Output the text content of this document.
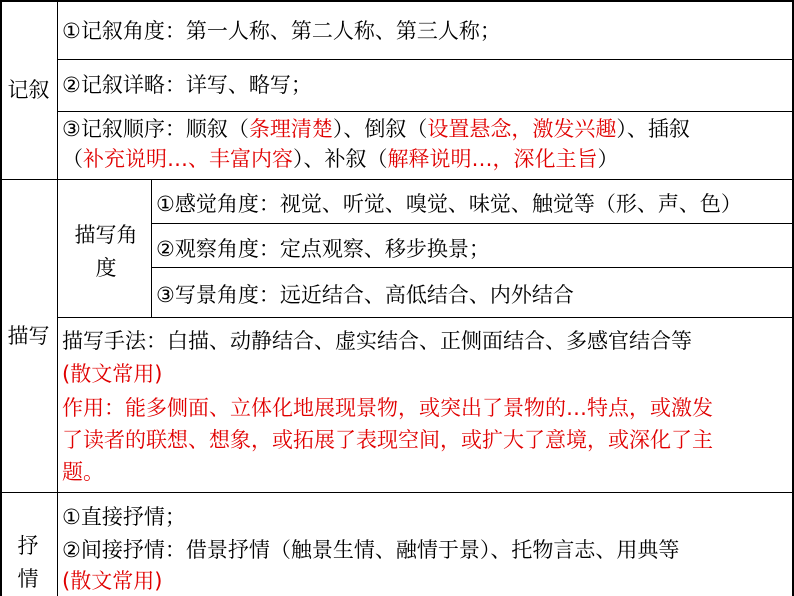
记叙
①记叙角度：第一人称、第二人称、第三人称；
②记叙详略：详写、略写；
③记叙顺序：顺叙（条理清楚）、倒叙（设置悬念，激发兴趣）、插叙
（补充说明…、丰富内容）、补叙（解释说明…，深化主旨）
描写
描写角度
①感觉角度：视觉、听觉、嗅觉、味觉、触觉等（形、声、色）
②观察角度：定点观察、移步换景；
③写景角度：远近结合、高低结合、内外结合
描写手法：白描、动静结合、虚实结合、正侧面结合、多感官结合等
(散文常用)
作用：能多侧面、立体化地展现景物，或突出了景物的…特点，或激发
了读者的联想、想象，或拓展了表现空间，或扩大了意境，或深化了主
题。
抒情
①直接抒情；
②间接抒情：借景抒情（触景生情、融情于景）、托物言志、用典等
(散文常用)
